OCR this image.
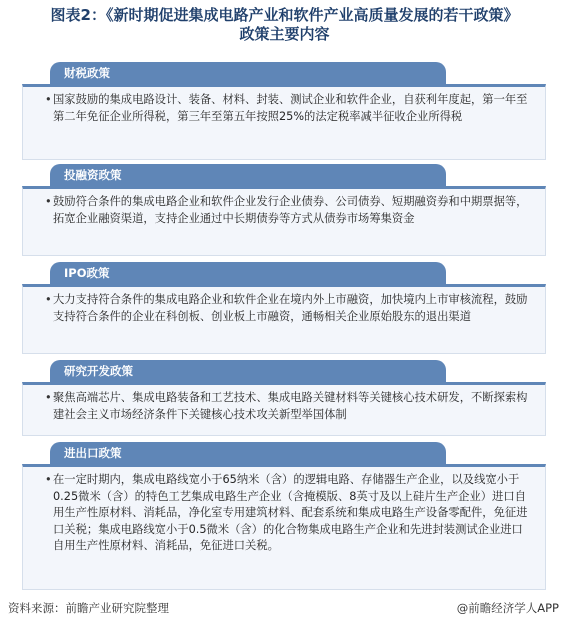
图表2：《新时期促进集成电路产业和软件产业高质量发展的若干政策》
政策主要内容
财税政策
• 国家鼓励的集成电路设计、装备、材料、封装、测试企业和软件企业，自获利年度起，第一年至第二年免征企业所得税，第三年至第五年按照25%的法定税率减半征收企业所得税
投融资政策
• 鼓励符合条件的集成电路企业和软件企业发行企业债券、公司债券、短期融资券和中期票据等，拓宽企业融资渠道，支持企业通过中长期债券等方式从债券市场筹集资金
IPO政策
• 大力支持符合条件的集成电路企业和软件企业在境内外上市融资，加快境内上市审核流程，鼓励支持符合条件的企业在科创板、创业板上市融资，通畅相关企业原始股东的退出渠道
研究开发政策
• 聚焦高端芯片、集成电路装备和工艺技术、集成电路关键材料等关键核心技术研发，不断探索构建社会主义市场经济条件下关键核心技术攻关新型举国体制
进出口政策
• 在一定时期内，集成电路线宽小于65纳米（含）的逻辑电路、存储器生产企业，以及线宽小于0.25微米（含）的特色工艺集成电路生产企业（含掩模版、8英寸及以上硅片生产企业）进口自用生产性原材料、消耗品，净化室专用建筑材料、配套系统和集成电路生产设备零配件，免征进口关税；集成电路线宽小于0.5微米（含）的化合物集成电路生产企业和先进封装测试企业进口自用生产性原材料、消耗品，免征进口关税。
资料来源：前瞻产业研究院整理	@前瞻经济学人APP
